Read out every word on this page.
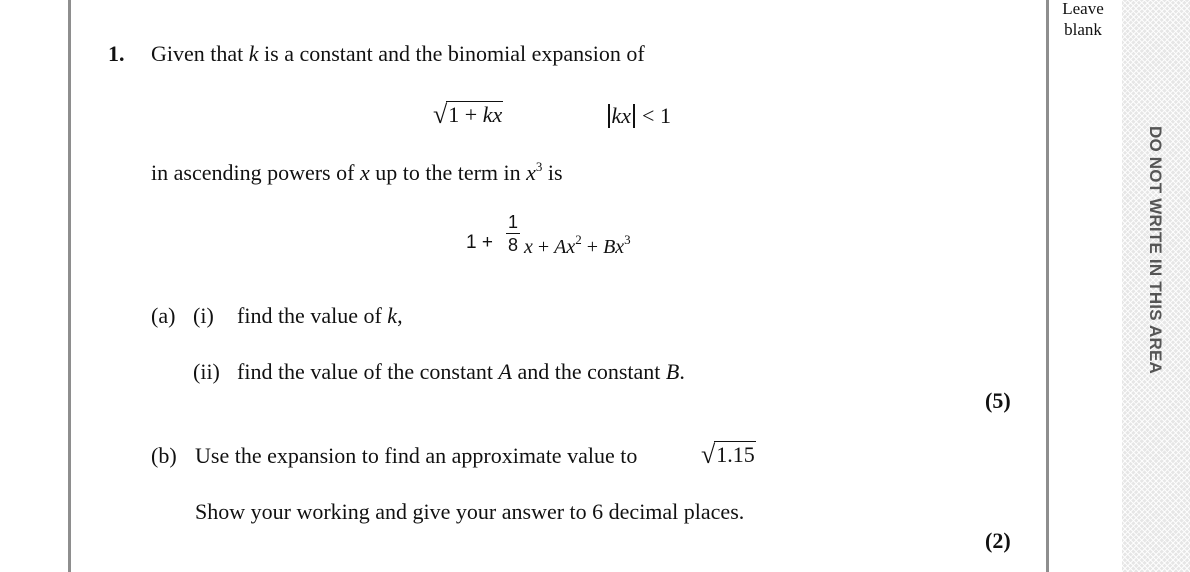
Leave
blank
DO NOT WRITE IN THIS AREA
1. Given that k is a constant and the binomial expansion of
√1 + kx	kx < 1
in ascending powers of x up to the term in $x^3$ is
1 +
1
8 $x + Ax^2 + Bx^3$
(a) (i) find the value of k,
(ii) find the value of the constant A and the constant B.
(5)
(b) Use the expansion to find an approximate value to √1.15
Show your working and give your answer to 6 decimal places.
(2)
